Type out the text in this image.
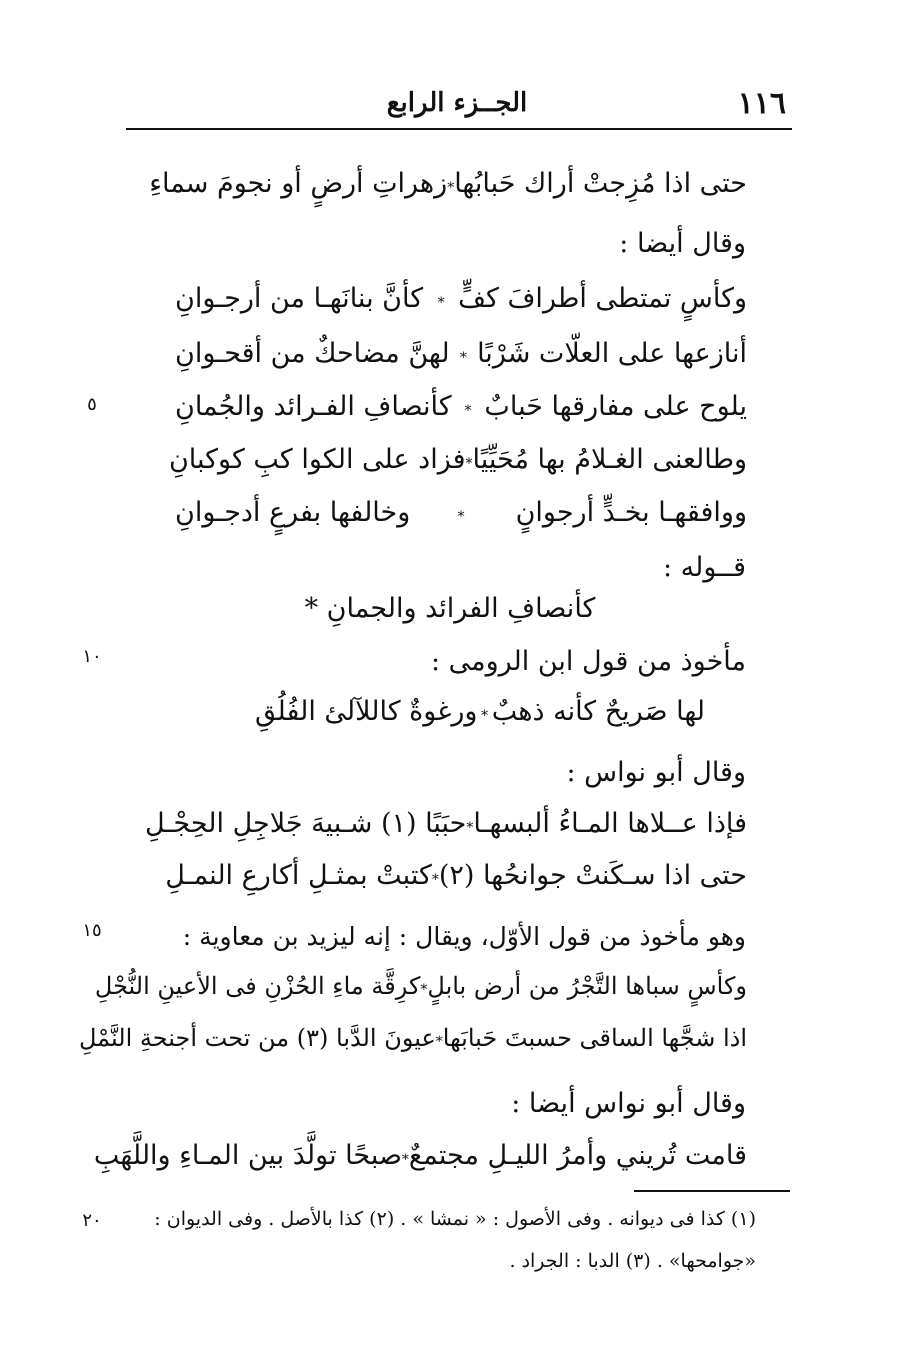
١١٦
الجــزء الرابع
حتى اذا مُزِجتْ أراك حَبابُها
*
زهراتِ أرضٍ أو نجومَ سماءِ
وقال أيضا :
وكأسٍ تمتطى أطرافَ كفٍّ
*
كأنَّ بنانَهـا من أرجـوانِ
أنازعها على العلّات شَرْبًا
*
لهنَّ مضاحكٌ من أقحـوانِ
يلوح على مفارقها حَبابٌ
*
كأنصافِ الفـرائد والجُمانِ
وطالعنى الغـلامُ بها مُحَيِّيًا
*
فزاد على الكوا كبِ كوكبانِ
ووافقهـا بخـدٍّ أرجوانٍ
*
وخالفها بفرعٍ أدجـوانِ
قــوله :
كأنصافِ الفرائد والجمانِ *
مأخوذ من قول ابن الرومى :
لها صَريحٌ كأنه ذهبٌ
*
ورغوةٌ كاللآلئ الفُلُقِ
وقال أبو نواس :
فإذا عــلاها المـاءُ ألبسهـا
*
حبَبًا (١) شـبيهَ جَلاجِلِ الحِجْـلِ
حتى اذا سـكَنتْ جوانحُها (٢)
*
كتبتْ بمثـلِ أكارعِ النمـلِ
وهو مأخوذ من قول الأوّل، ويقال : إنه ليزيد بن معاوية :
وكأسٍ سباها التَّجْرُ من أرض بابلٍ
*
كرِقَّة ماءِ الحُزْنِ فى الأعينِ النُّجْلِ
اذا شجَّها الساقى حسبتَ حَبابَها
*
عيونَ الدَّبا (٣) من تحت أجنحةِ النَّمْلِ
وقال أبو نواس أيضا :
قامت تُريني وأمرُ الليـلِ مجتمعٌ
*
صبحًا تولَّدَ بين المـاءِ واللَّهَبِ
٥
١٠
١٥
٢٠	(١) كذا فى ديوانه . وفى الأصول : « نمشا » . (٢) كذا بالأصل . وفى الديوان :
«جوامحها» . (٣) الدبا : الجراد .
